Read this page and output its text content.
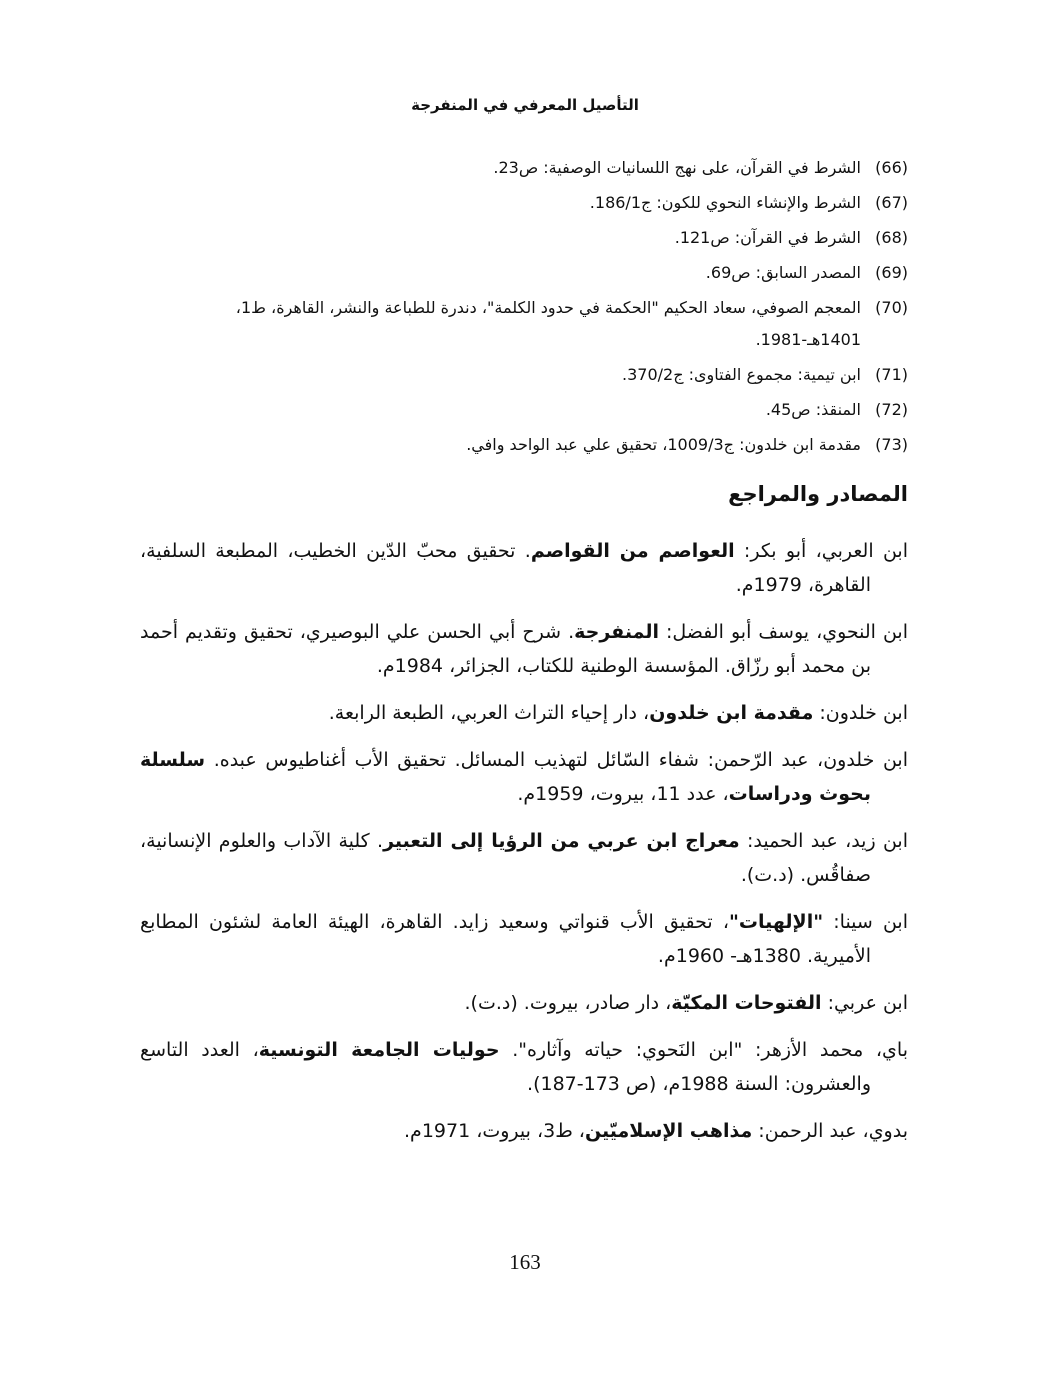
التأصيل المعرفي في المنفرجة
(66)
الشرط في القرآن، على نهج اللسانيات الوصفية: ص23.
(67)
الشرط والإنشاء النحوي للكون: ج186/1.
(68)
الشرط في القرآن: ص121.
(69)
المصدر السابق: ص69.
(70)
المعجم الصوفي، سعاد الحكيم "الحكمة في حدود الكلمة"، دندرة للطباعة والنشر، القاهرة، ط1، 1401هـ-1981.
(71)
ابن تيمية: مجموع الفتاوى: ج370/2.
(72)
المنقذ: ص45.
(73)
مقدمة ابن خلدون: ج1009/3، تحقيق علي عبد الواحد وافي.
المصادر والمراجع
ابن العربي، أبو بكر: العواصم من القواصم. تحقيق محبّ الدّين الخطيب، المطبعة السلفية، القاهرة، 1979م.
ابن النحوي، يوسف أبو الفضل: المنفرجة. شرح أبي الحسن علي البوصيري، تحقيق وتقديم أحمد بن محمد أبو رزّاق. المؤسسة الوطنية للكتاب، الجزائر، 1984م.
ابن خلدون: مقدمة ابن خلدون، دار إحياء التراث العربي، الطبعة الرابعة.
ابن خلدون، عبد الرّحمن: شفاء السّائل لتهذيب المسائل. تحقيق الأب أغناطيوس عبده. سلسلة بحوث ودراسات، عدد 11، بيروت، 1959م.
ابن زيد، عبد الحميد: معراج ابن عربي من الرؤيا إلى التعبير. كلية الآداب والعلوم الإنسانية، صفاقُس. (د.ت).
ابن سينا: "الإلهيات"، تحقيق الأب قنواتي وسعيد زايد. القاهرة، الهيئة العامة لشئون المطابع الأميرية. 1380هـ- 1960م.
ابن عربي: الفتوحات المكيّة، دار صادر، بيروت. (د.ت).
باي، محمد الأزهر: "ابن النَحوي: حياته وآثاره". حوليات الجامعة التونسية، العدد التاسع والعشرون: السنة 1988م، (ص 173-187).
بدوي، عبد الرحمن: مذاهب الإسلاميّين، ط3، بيروت، 1971م.
163
